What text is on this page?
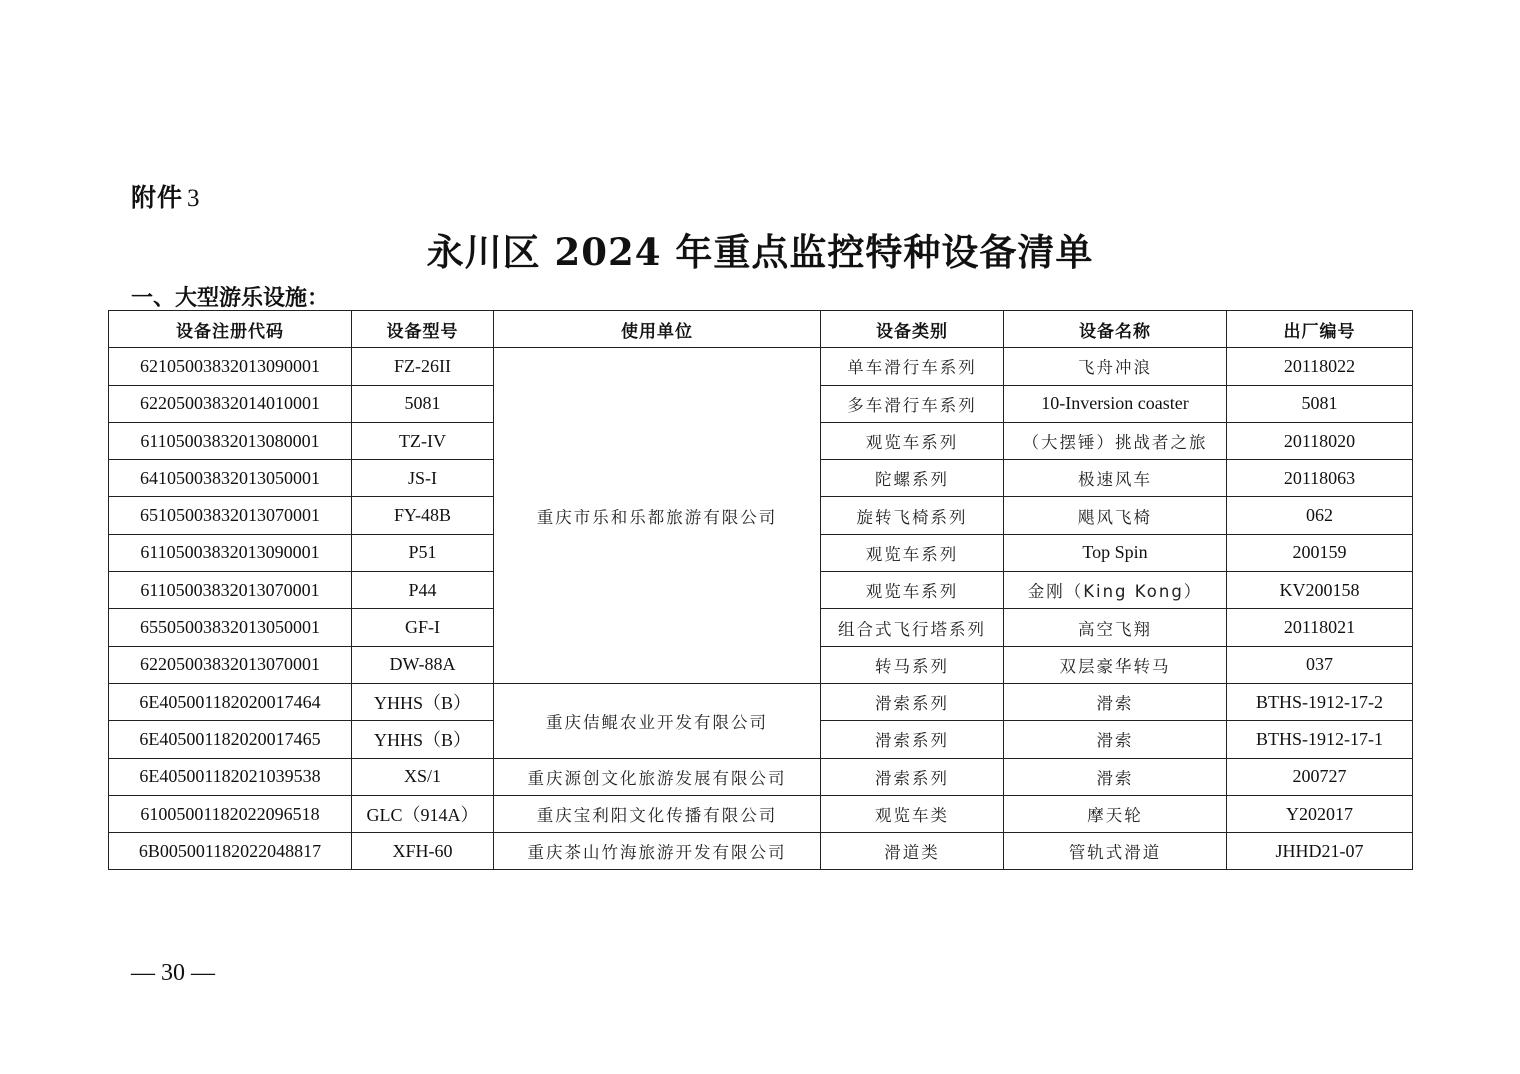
附件 3
永川区 2024 年重点监控特种设备清单
一、大型游乐设施：
设备注册代码	设备型号	使用单位	设备类别	设备名称	出厂编号
62105003832013090001	FZ-26II	重庆市乐和乐都旅游有限公司	单车滑行车系列	飞舟冲浪	20118022
62205003832014010001	5081		多车滑行车系列	10-Inversion coaster	5081
61105003832013080001	TZ-IV		观览车系列	（大摆锤）挑战者之旅	20118020
64105003832013050001	JS-I		陀螺系列	极速风车	20118063
65105003832013070001	FY-48B		旋转飞椅系列	飓风飞椅	062
61105003832013090001	P51		观览车系列	Top Spin	200159
61105003832013070001	P44		观览车系列	金刚（King Kong）	KV200158
65505003832013050001	GF-I		组合式飞行塔系列	高空飞翔	20118021
62205003832013070001	DW-88A		转马系列	双层豪华转马	037
6E405001182020017464	YHHS（B）	重庆佶鲲农业开发有限公司	滑索系列	滑索	BTHS-1912-17-2
6E405001182020017465	YHHS（B）		滑索系列	滑索	BTHS-1912-17-1
6E405001182021039538	XS/1	重庆源创文化旅游发展有限公司	滑索系列	滑索	200727
61005001182022096518	GLC（914A）	重庆宝利阳文化传播有限公司	观览车类	摩天轮	Y202017
6B005001182022048817	XFH-60	重庆茶山竹海旅游开发有限公司	滑道类	管轨式滑道	JHHD21-07
— 30 —
